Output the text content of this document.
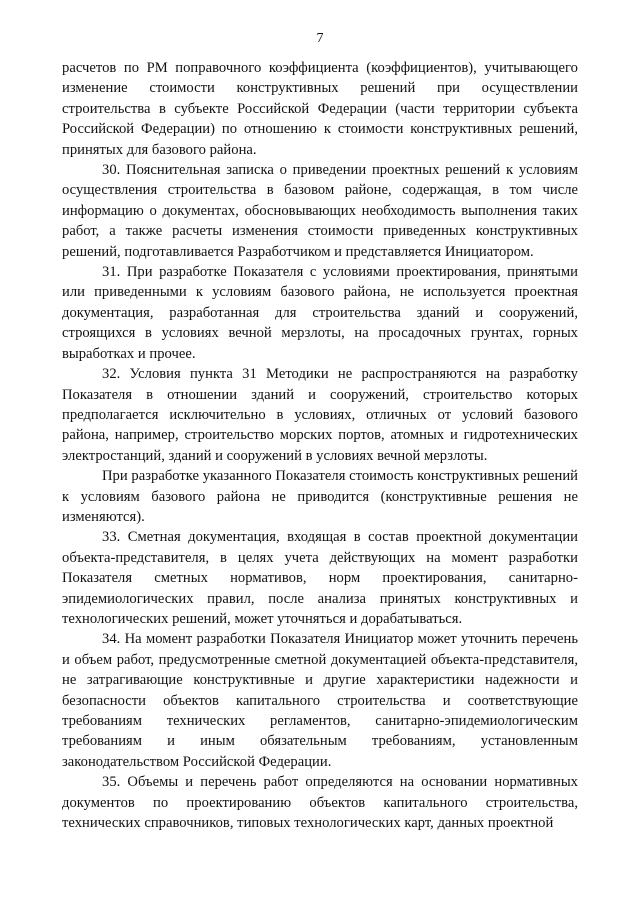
7

расчетов по РМ поправочного коэффициента (коэффициентов), учитывающего изменение стоимости конструктивных решений при осуществлении строительства в субъекте Российской Федерации (части территории субъекта Российской Федерации) по отношению к стоимости конструктивных решений, принятых для базового района.

30. Пояснительная записка о приведении проектных решений к условиям осуществления строительства в базовом районе, содержащая, в том числе информацию о документах, обосновывающих необходимость выполнения таких работ, а также расчеты изменения стоимости приведенных конструктивных решений, подготавливается Разработчиком и представляется Инициатором.

31. При разработке Показателя с условиями проектирования, принятыми или приведенными к условиям базового района, не используется проектная документация, разработанная для строительства зданий и сооружений, строящихся в условиях вечной мерзлоты, на просадочных грунтах, горных выработках и прочее.

32. Условия пункта 31 Методики не распространяются на разработку Показателя в отношении зданий и сооружений, строительство которых предполагается исключительно в условиях, отличных от условий базового района, например, строительство морских портов, атомных и гидротехнических электростанций, зданий и сооружений в условиях вечной мерзлоты.

При разработке указанного Показателя стоимость конструктивных решений к условиям базового района не приводится (конструктивные решения не изменяются).

33. Сметная документация, входящая в состав проектной документации объекта-представителя, в целях учета действующих на момент разработки Показателя сметных нормативов, норм проектирования, санитарно-эпидемиологических правил, после анализа принятых конструктивных и технологических решений, может уточняться и дорабатываться.

34. На момент разработки Показателя Инициатор может уточнить перечень и объем работ, предусмотренные сметной документацией объекта-представителя, не затрагивающие конструктивные и другие характеристики надежности и безопасности объектов капитального строительства и соответствующие требованиям технических регламентов, санитарно-эпидемиологическим требованиям и иным обязательным требованиям, установленным законодательством Российской Федерации.

35. Объемы и перечень работ определяются на основании нормативных документов по проектированию объектов капитального строительства, технических справочников, типовых технологических карт, данных проектной
